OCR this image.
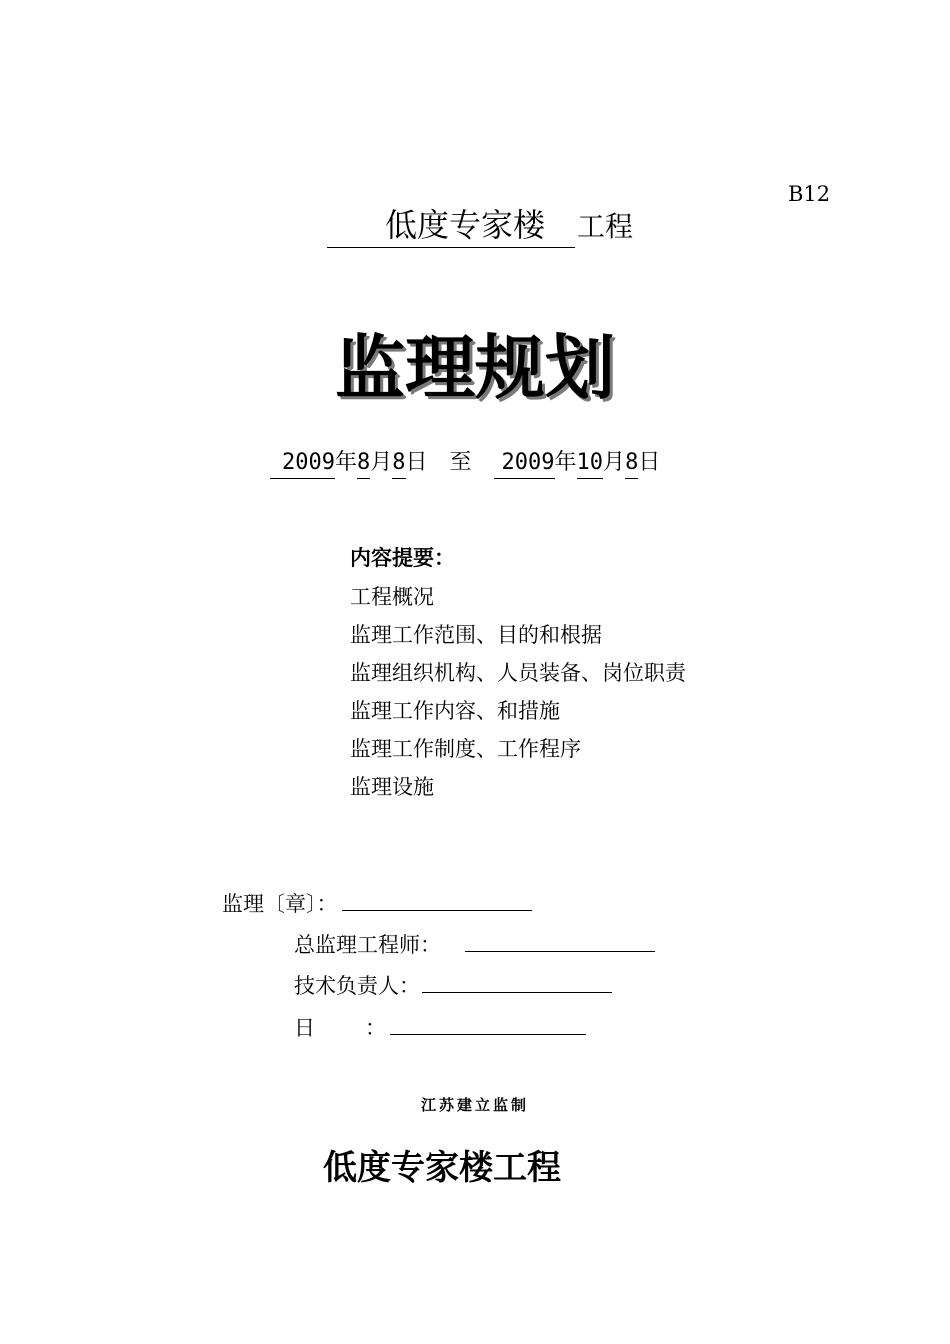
B12
低度专家楼 工程
监理规划
2009年8月8日 至 2009年10月8日
内容提要：
工程概况
监理工作范围、目的和根据
监理组织机构、人员装备、岗位职责
监理工作内容、和措施
监理工作制度、工作程序
监理设施
监理〔章〕：
总监理工程师：
技术负责人：
日 ：
江苏建立监制
低度专家楼工程
